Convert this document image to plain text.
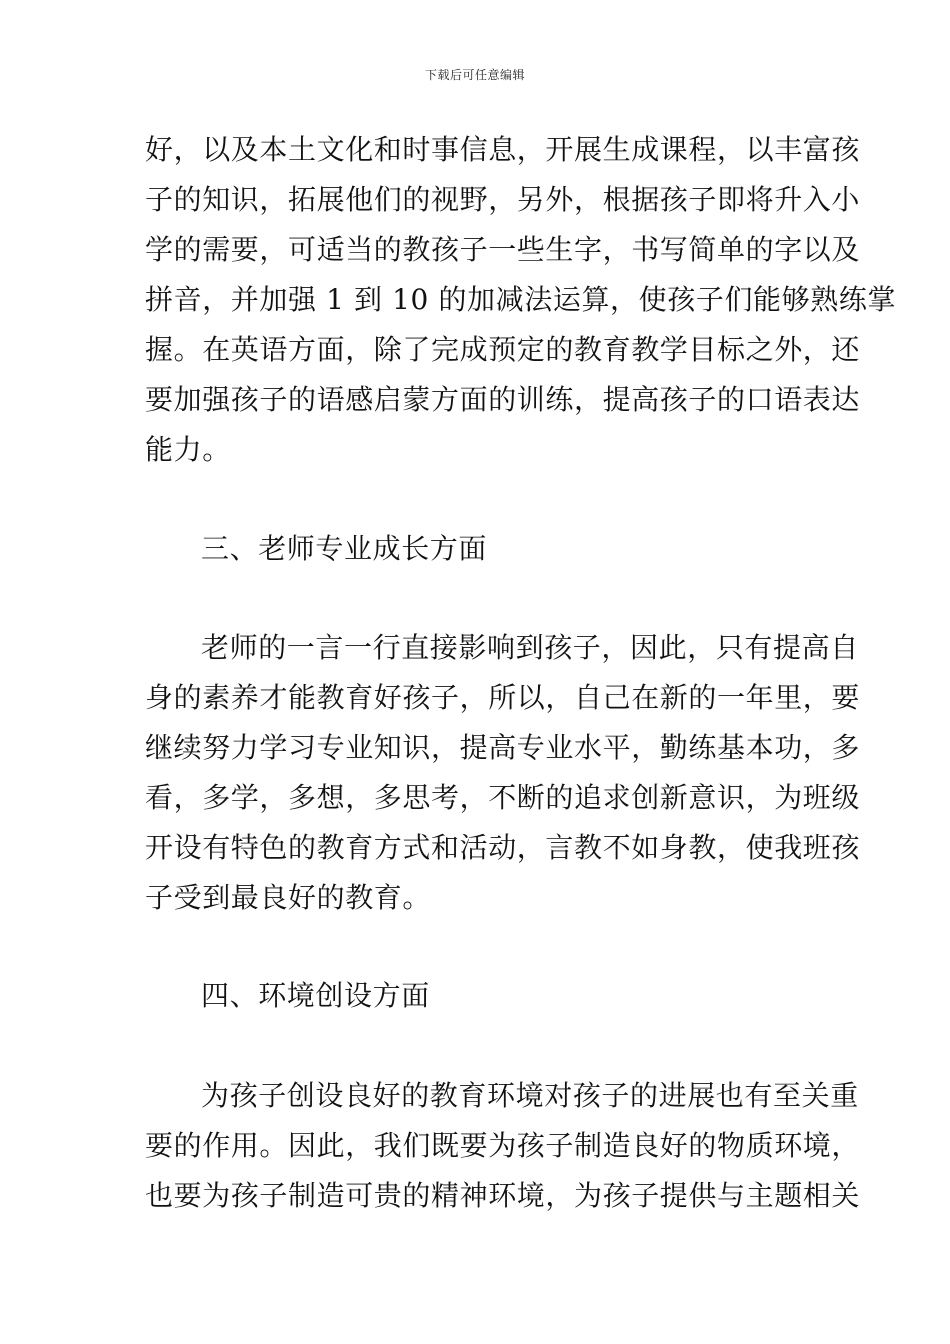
下载后可任意编辑
好，以及本土文化和时事信息，开展生成课程，以丰富孩
子的知识，拓展他们的视野，另外，根据孩子即将升入小
学的需要，可适当的教孩子一些生字，书写简单的字以及
拼音，并加强 1 到 10 的加减法运算，使孩子们能够熟练掌
握。在英语方面，除了完成预定的教育教学目标之外，还
要加强孩子的语感启蒙方面的训练，提高孩子的口语表达
能力。
三、老师专业成长方面
老师的一言一行直接影响到孩子，因此，只有提高自
身的素养才能教育好孩子，所以，自己在新的一年里，要
继续努力学习专业知识，提高专业水平，勤练基本功，多
看，多学，多想，多思考，不断的追求创新意识，为班级
开设有特色的教育方式和活动，言教不如身教，使我班孩
子受到最良好的教育。
四、环境创设方面
为孩子创设良好的教育环境对孩子的进展也有至关重
要的作用。因此，我们既要为孩子制造良好的物质环境，
也要为孩子制造可贵的精神环境，为孩子提供与主题相关
